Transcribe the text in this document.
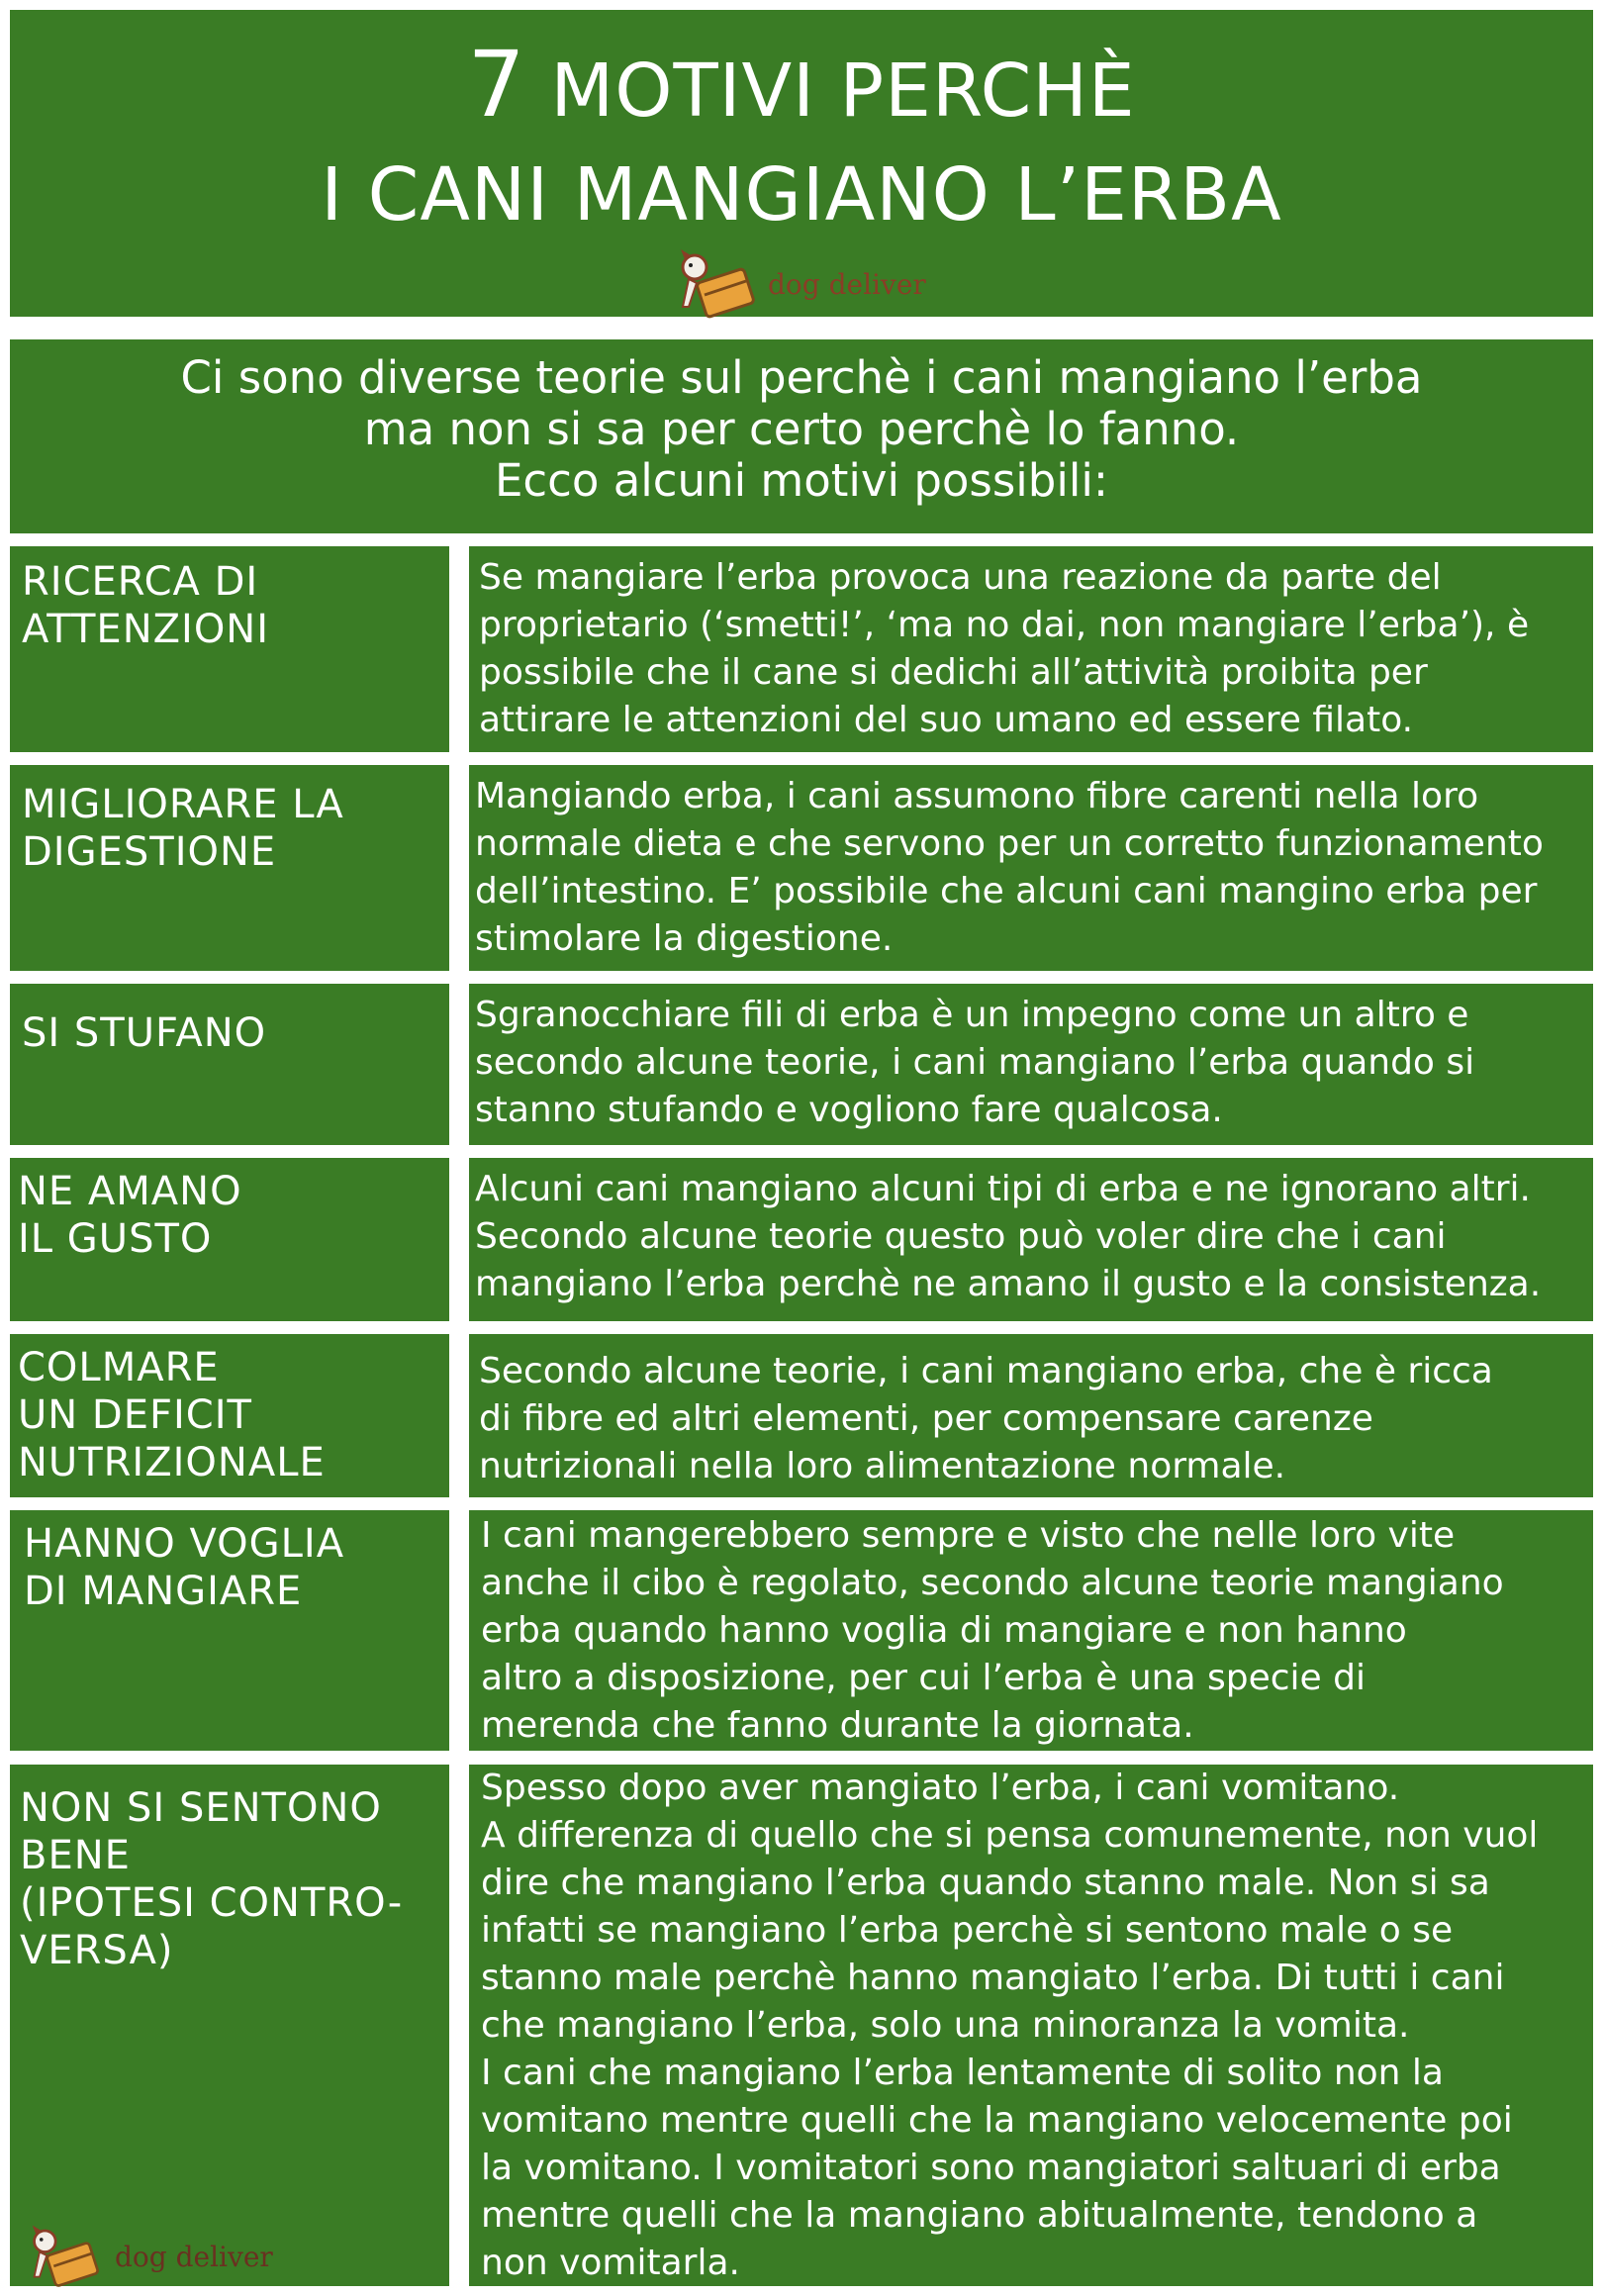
7 MOTIVI PERCHÈ
I CANI MANGIANO L’ERBA
dog deliver
Ci sono diverse teorie sul perchè i cani mangiano l’erba
ma non si sa per certo perchè lo fanno.
Ecco alcuni motivi possibili:
RICERCA DI
ATTENZIONI
Se mangiare l’erba provoca una reazione da parte del
proprietario (‘smetti!’, ‘ma no dai, non mangiare l’erba’), è
possibile che il cane si dedichi all’attività proibita per
attirare le attenzioni del suo umano ed essere filato.
MIGLIORARE LA
DIGESTIONE
Mangiando erba, i cani assumono fibre carenti nella loro
normale dieta e che servono per un corretto funzionamento
dell’intestino. E’ possibile che alcuni cani mangino erba per
stimolare la digestione.
SI STUFANO	Sgranocchiare fili di erba è un impegno come un altro e
secondo alcune teorie, i cani mangiano l’erba quando si
stanno stufando e vogliono fare qualcosa.
NE AMANO
IL GUSTO
Alcuni cani mangiano alcuni tipi di erba e ne ignorano altri.
Secondo alcune teorie questo può voler dire che i cani
mangiano l’erba perchè ne amano il gusto e la consistenza.
COLMARE
UN DEFICIT
NUTRIZIONALE
Secondo alcune teorie, i cani mangiano erba, che è ricca
di fibre ed altri elementi, per compensare carenze
nutrizionali nella loro alimentazione normale.
HANNO VOGLIA
DI MANGIARE
I cani mangerebbero sempre e visto che nelle loro vite
anche il cibo è regolato, secondo alcune teorie mangiano
erba quando hanno voglia di mangiare e non hanno
altro a disposizione, per cui l’erba è una specie di
merenda che fanno durante la giornata.
NON SI SENTONO
BENE
(IPOTESI CONTRO-
VERSA)
Spesso dopo aver mangiato l’erba, i cani vomitano.
A differenza di quello che si pensa comunemente, non vuol
dire che mangiano l’erba quando stanno male. Non si sa
infatti se mangiano l’erba perchè si sentono male o se
stanno male perchè hanno mangiato l’erba. Di tutti i cani
che mangiano l’erba, solo una minoranza la vomita.
I cani che mangiano l’erba lentamente di solito non la
vomitano mentre quelli che la mangiano velocemente poi
la vomitano. I vomitatori sono mangiatori saltuari di erba
mentre quelli che la mangiano abitualmente, tendono a
non vomitarla.
dog deliver
